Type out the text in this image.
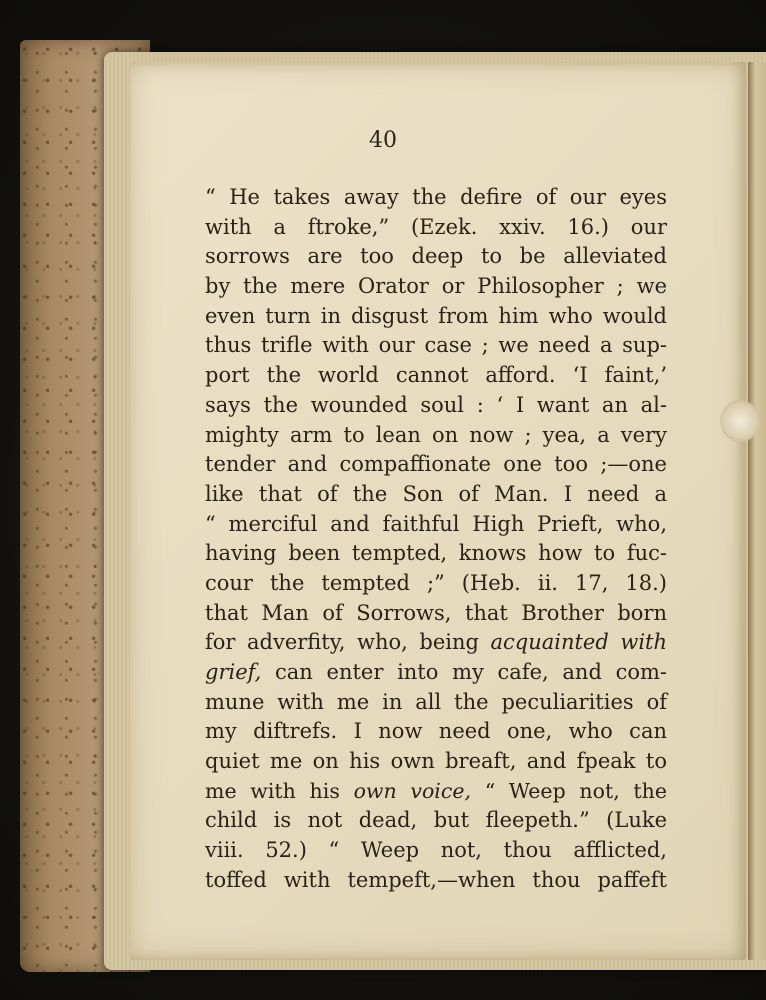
40
“ He takes away the defire of our eyes
with a ftroke,” (Ezek. xxiv. 16.) our
sorrows are too deep to be alleviated
by the mere Orator or Philosopher ; we
even turn in disgust from him who would
thus trifle with our case ; we need a sup-
port the world cannot afford. ‘I faint,’
says the wounded soul : ‘ I want an al-
mighty arm to lean on now ; yea, a very
tender and compaffionate one too ;—one
like that of the Son of Man. I need a
“ merciful and faithful High Prieft, who,
having been tempted, knows how to fuc-
cour the tempted ;” (Heb. ii. 17, 18.)
that Man of Sorrows, that Brother born
for adverfity, who, being acquainted with
grief, can enter into my cafe, and com-
mune with me in all the peculiarities of
my diftrefs. I now need one, who can
quiet me on his own breaft, and fpeak to
me with his own voice, “ Weep not, the
child is not dead, but fleepeth.” (Luke
viii. 52.) “ Weep not, thou afflicted,
toffed with tempeft,—when thou paffeft
